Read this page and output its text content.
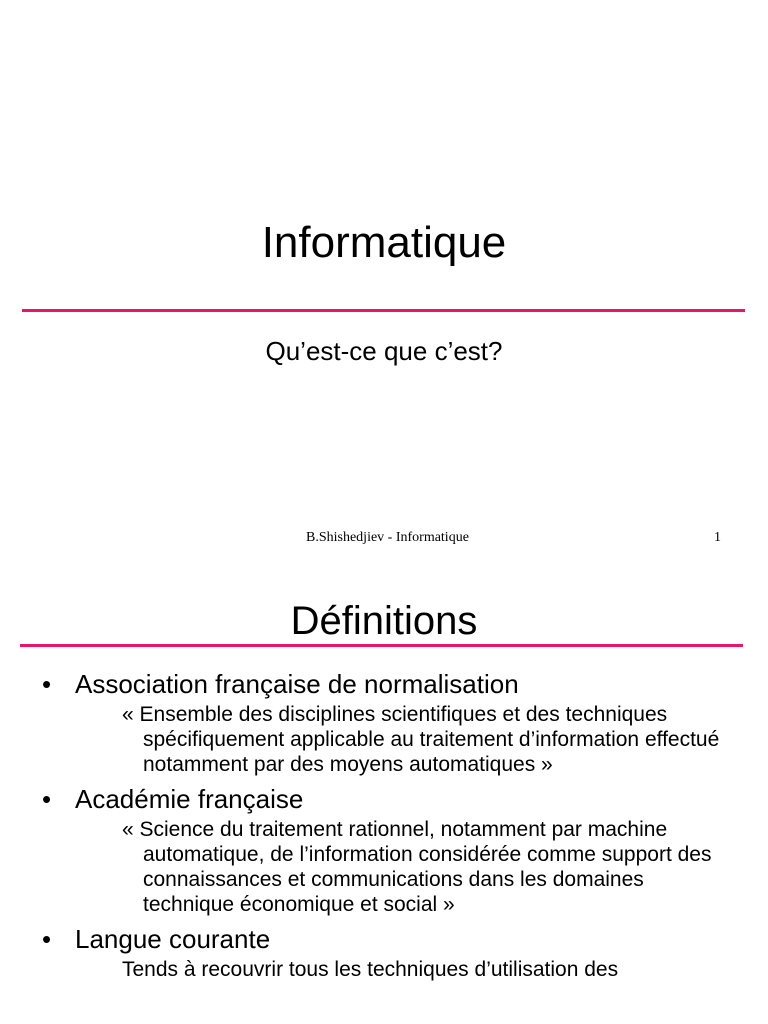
Informatique
Qu’est-ce que c’est?
B.Shishedjiev - Informatique	1
Définitions
• Association française de normalisation

« Ensemble des disciplines scientifiques et des techniques spécifiquement applicable au traitement d’information effectué notamment par des moyens automatiques »

• Académie française

« Science du traitement rationnel, notamment par machine automatique, de l’information considérée comme support des connaissances et communications dans les domaines technique économique et social »

• Langue courante

Tends à recouvrir tous les techniques d’utilisation des
